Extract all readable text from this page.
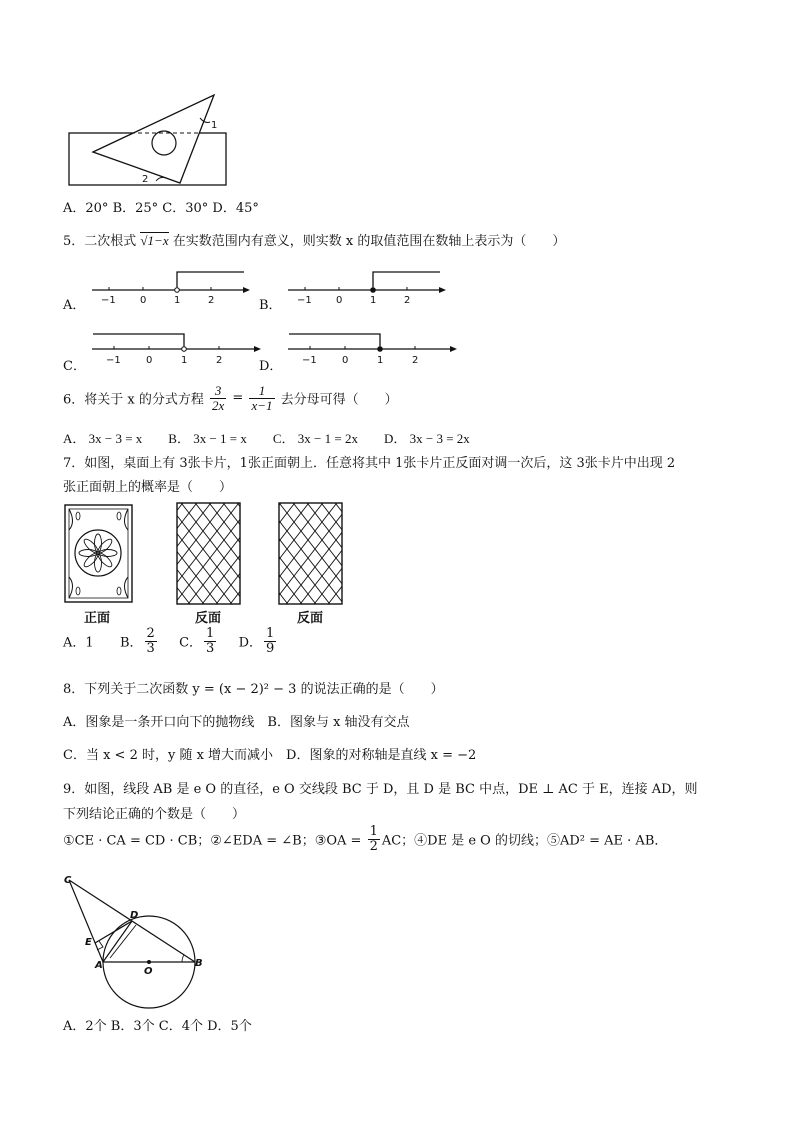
1
2
A．20° B．25° C．30° D．45°
5．二次根式 √1−x 在实数范围内有意义，则实数 x 的取值范围在数轴上表示为（　　）
A．	B．
C．	D．
−1 0	1	2	−1 0	1	2
−1	0	1	2	−1	0	1	2
6．将关于 x 的分式方程 $\frac{3}{2x} = \frac{1}{x-1}$ 去分母可得（　　）
A． 3x − 3 = x　　B． 3x − 1 = x　　C． 3x − 1 = 2x　　D． 3x − 3 = 2x
7．如图，桌面上有 3张卡片，1张正面朝上．任意将其中 1张卡片正反面对调一次后，这 3张卡片中出现 2
张正面朝上的概率是（　　）
正面	反面	反面
A．1 B． $\frac{2}{3}$ C． $\frac{1}{3}$ D． $\frac{1}{9}$
8．下列关于二次函数 y = (x − 2)² − 3 的说法正确的是（　　）
A．图象是一条开口向下的抛物线　B．图象与 x 轴没有交点
C．当 x < 2 时，y 随 x 增大而减小　D．图象的对称轴是直线 x = −2
9．如图，线段 AB 是 e O 的直径，e O 交线段 BC 于 D，且 D 是 BC 中点，DE ⊥ AC 于 E，连接 AD，则
下列结论正确的个数是（　　）
①CE · CA = CD · CB；②∠EDA = ∠B；③OA = $\frac{1}{2}$ AC；④DE 是 e O 的切线；⑤AD² = AE · AB．
C
D
E
A
O
B
A．2个 B．3个 C．4个 D．5个
